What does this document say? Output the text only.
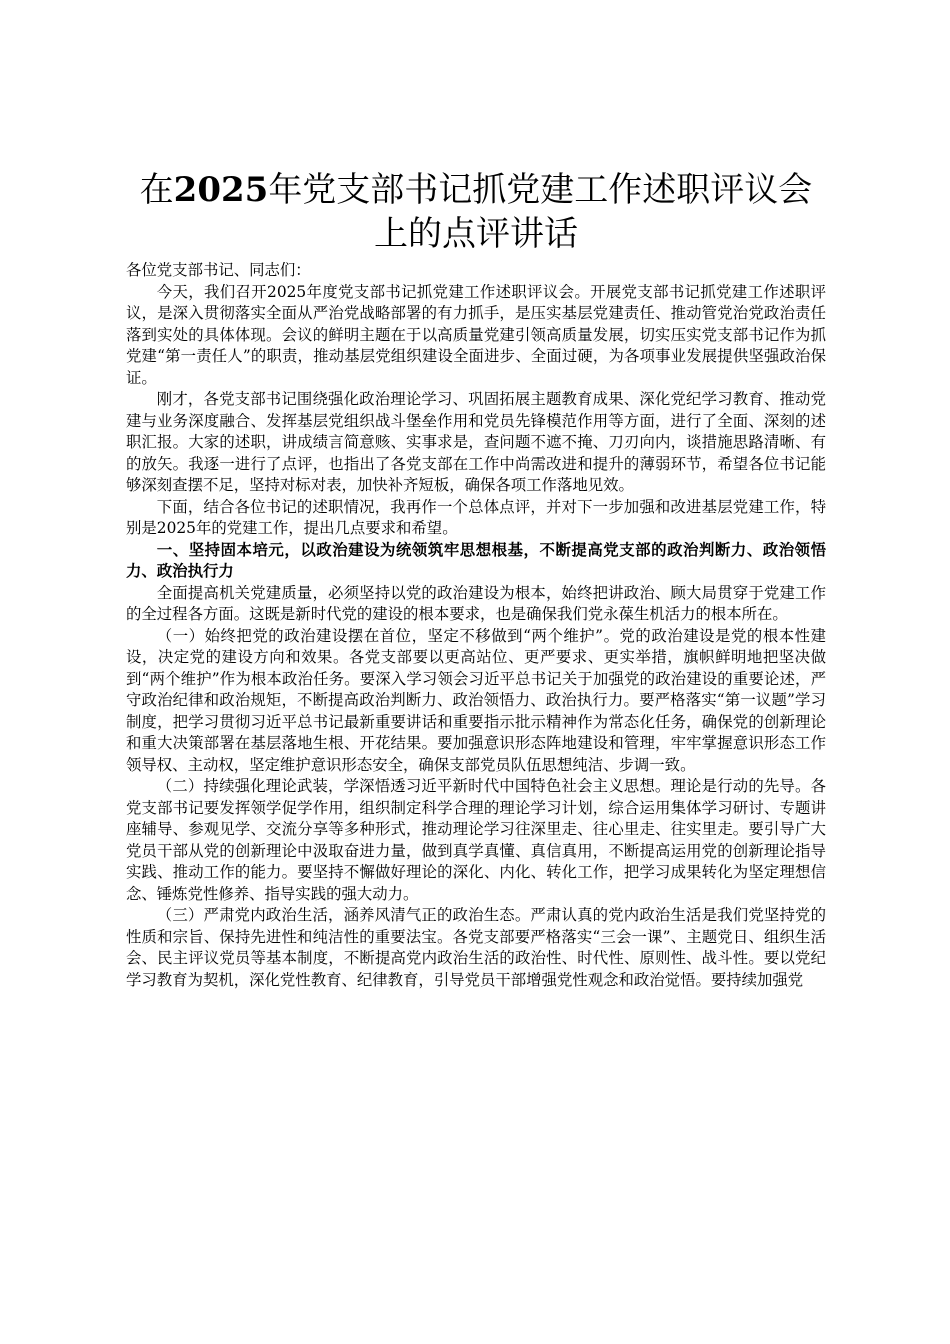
在2025年党支部书记抓党建工作述职评议会
上的点评讲话

各位党支部书记、同志们：

今天，我们召开2025年度党支部书记抓党建工作述职评议会。开展党支部书记抓党建工作述职评议，是深入贯彻落实全面从严治党战略部署的有力抓手，是压实基层党建责任、推动管党治党政治责任落到实处的具体体现。会议的鲜明主题在于以高质量党建引领高质量发展，切实压实党支部书记作为抓党建“第一责任人”的职责，推动基层党组织建设全面进步、全面过硬，为各项事业发展提供坚强政治保证。

刚才，各党支部书记围绕强化政治理论学习、巩固拓展主题教育成果、深化党纪学习教育、推动党建与业务深度融合、发挥基层党组织战斗堡垒作用和党员先锋模范作用等方面，进行了全面、深刻的述职汇报。大家的述职，讲成绩言简意赅、实事求是，查问题不遮不掩、刀刃向内，谈措施思路清晰、有的放矢。我逐一进行了点评，也指出了各党支部在工作中尚需改进和提升的薄弱环节，希望各位书记能够深刻查摆不足，坚持对标对表，加快补齐短板，确保各项工作落地见效。

下面，结合各位书记的述职情况，我再作一个总体点评，并对下一步加强和改进基层党建工作，特别是2025年的党建工作，提出几点要求和希望。

一、坚持固本培元，以政治建设为统领筑牢思想根基，不断提高党支部的政治判断力、政治领悟力、政治执行力

全面提高机关党建质量，必须坚持以党的政治建设为根本，始终把讲政治、顾大局贯穿于党建工作的全过程各方面。这既是新时代党的建设的根本要求，也是确保我们党永葆生机活力的根本所在。

（一）始终把党的政治建设摆在首位，坚定不移做到“两个维护”。党的政治建设是党的根本性建设，决定党的建设方向和效果。各党支部要以更高站位、更严要求、更实举措，旗帜鲜明地把坚决做到“两个维护”作为根本政治任务。要深入学习领会习近平总书记关于加强党的政治建设的重要论述，严守政治纪律和政治规矩，不断提高政治判断力、政治领悟力、政治执行力。要严格落实“第一议题”学习制度，把学习贯彻习近平总书记最新重要讲话和重要指示批示精神作为常态化任务，确保党的创新理论和重大决策部署在基层落地生根、开花结果。要加强意识形态阵地建设和管理，牢牢掌握意识形态工作领导权、主动权，坚定维护意识形态安全，确保支部党员队伍思想纯洁、步调一致。

（二）持续强化理论武装，学深悟透习近平新时代中国特色社会主义思想。理论是行动的先导。各党支部书记要发挥领学促学作用，组织制定科学合理的理论学习计划，综合运用集体学习研讨、专题讲座辅导、参观见学、交流分享等多种形式，推动理论学习往深里走、往心里走、往实里走。要引导广大党员干部从党的创新理论中汲取奋进力量，做到真学真懂、真信真用，不断提高运用党的创新理论指导实践、推动工作的能力。要坚持不懈做好理论的深化、内化、转化工作，把学习成果转化为坚定理想信念、锤炼党性修养、指导实践的强大动力。

（三）严肃党内政治生活，涵养风清气正的政治生态。严肃认真的党内政治生活是我们党坚持党的性质和宗旨、保持先进性和纯洁性的重要法宝。各党支部要严格落实“三会一课”、主题党日、组织生活会、民主评议党员等基本制度，不断提高党内政治生活的政治性、时代性、原则性、战斗性。要以党纪学习教育为契机，深化党性教育、纪律教育，引导党员干部增强党性观念和政治觉悟。要持续加强党
